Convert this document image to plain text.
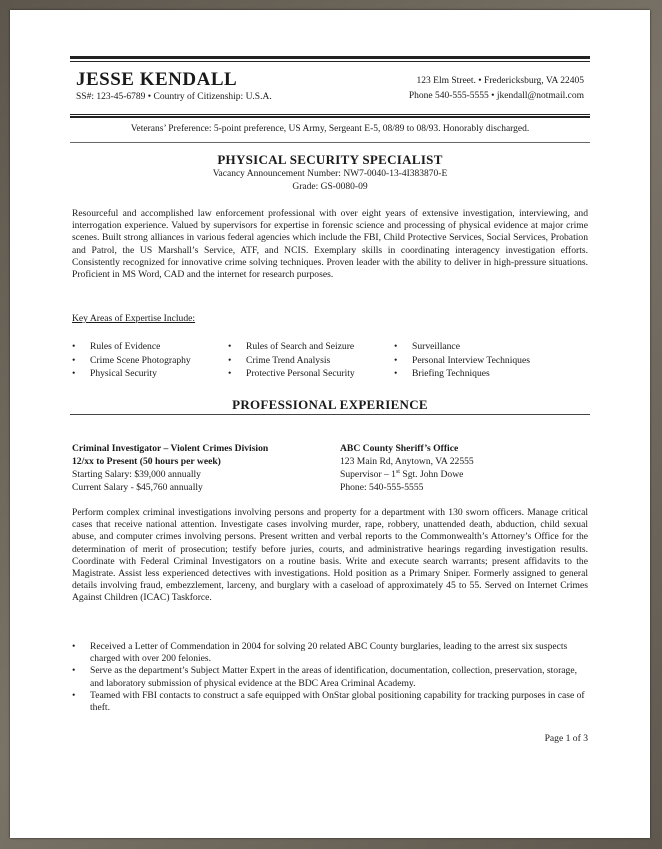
JESSE KENDALL
SS#: 123-45-6789 • Country of Citizenship: U.S.A.
123 Elm Street. • Fredericksburg, VA 22405
Phone 540-555-5555 • jkendall@notmail.com
Veterans’ Preference: 5-point preference, US Army, Sergeant E-5, 08/89 to 08/93. Honorably discharged.
PHYSICAL SECURITY SPECIALIST
Vacancy Announcement Number: NW7-0040-13-4I383870-E
Grade: GS-0080-09
Resourceful and accomplished law enforcement professional with over eight years of extensive investigation, interviewing, and interrogation experience. Valued by supervisors for expertise in forensic science and processing of physical evidence at major crime scenes. Built strong alliances in various federal agencies which include the FBI, Child Protective Services, Social Services, Probation and Patrol, the US Marshall’s Service, ATF, and NCIS. Exemplary skills in coordinating interagency investigation efforts. Consistently recognized for innovative crime solving techniques. Proven leader with the ability to deliver in high-pressure situations. Proficient in MS Word, CAD and the internet for research purposes.
Key Areas of Expertise Include:
• Rules of Evidence
• Crime Scene Photography
• Physical Security
• Rules of Search and Seizure
• Crime Trend Analysis
• Protective Personal Security
• Surveillance
• Personal Interview Techniques
• Briefing Techniques
PROFESSIONAL EXPERIENCE
Criminal Investigator – Violent Crimes Division
12/xx to Present (50 hours per week)
Starting Salary: $39,000 annually
Current Salary - $45,760 annually
ABC County Sheriff’s Office
123 Main Rd, Anytown, VA 22555
Supervisor – 1st Sgt. John Dowe
Phone: 540-555-5555
Perform complex criminal investigations involving persons and property for a department with 130 sworn officers. Manage critical cases that receive national attention. Investigate cases involving murder, rape, robbery, unattended death, abduction, child sexual abuse, and computer crimes involving persons. Present written and verbal reports to the Commonwealth’s Attorney’s Office for the determination of merit of prosecution; testify before juries, courts, and administrative hearings regarding investigation results. Coordinate with Federal Criminal Investigators on a routine basis. Write and execute search warrants; present affidavits to the Magistrate. Assist less experienced detectives with investigations. Hold position as a Primary Sniper. Formerly assigned to general details involving fraud, embezzlement, larceny, and burglary with a caseload of approximately 45 to 55. Served on Internet Crimes Against Children (ICAC) Taskforce.
•	Received a Letter of Commendation in 2004 for solving 20 related ABC County burglaries, leading to the arrest six suspects charged with over 200 felonies.
•	Serve as the department’s Subject Matter Expert in the areas of identification, documentation, collection, preservation, storage, and laboratory submission of physical evidence at the BDC Area Criminal Academy.
•	Teamed with FBI contacts to construct a safe equipped with OnStar global positioning capability for tracking purposes in case of theft.
Page 1 of 3
